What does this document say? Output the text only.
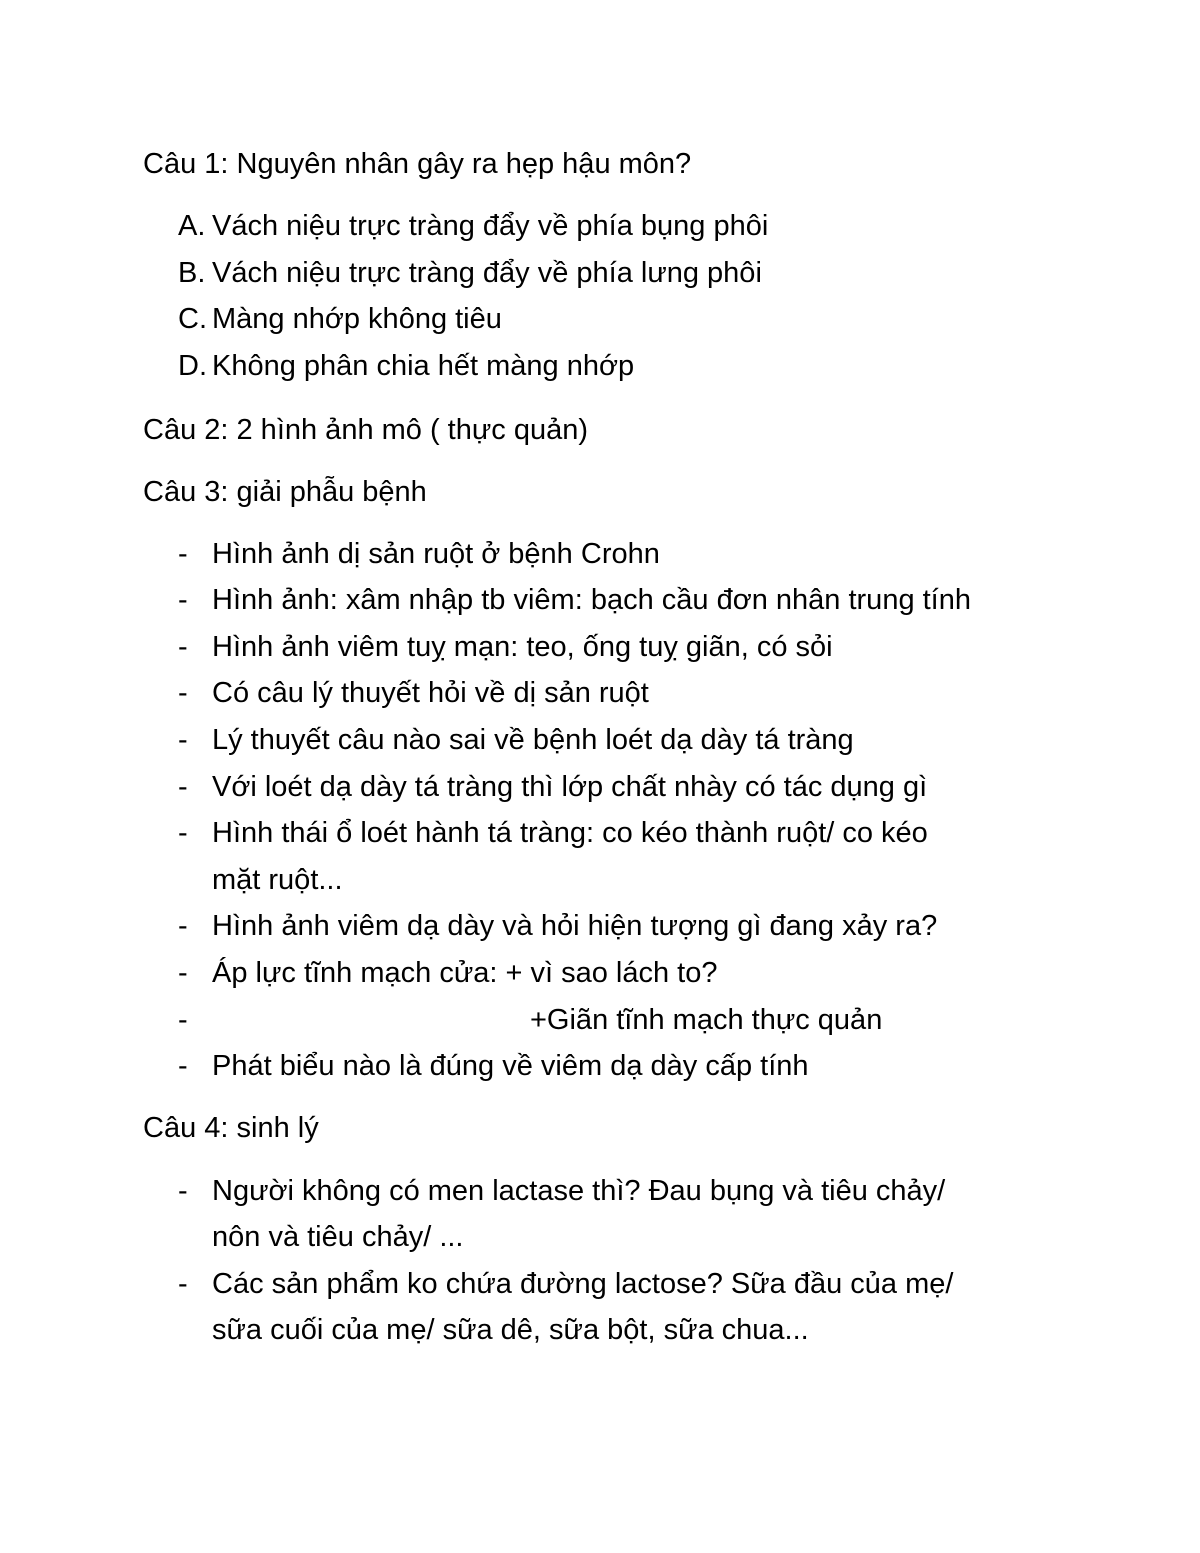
Câu 1: Nguyên nhân gây ra hẹp hậu môn?
A. Vách niệu trực tràng đẩy về phía bụng phôi
B. Vách niệu trực tràng đẩy về phía lưng phôi
C. Màng nhớp không tiêu
D. Không phân chia hết màng nhớp
Câu 2: 2 hình ảnh mô ( thực quản)
Câu 3: giải phẫu bệnh
- Hình ảnh dị sản ruột ở bệnh Crohn
- Hình ảnh: xâm nhập tb viêm: bạch cầu đơn nhân trung tính
- Hình ảnh viêm tuỵ mạn: teo, ống tuỵ giãn, có sỏi
- Có câu lý thuyết hỏi về dị sản ruột
- Lý thuyết câu nào sai về bệnh loét dạ dày tá tràng
- Với loét dạ dày tá tràng thì lớp chất nhày có tác dụng gì
- Hình thái ổ loét hành tá tràng: co kéo thành ruột/ co kéo
mặt ruột...
- Hình ảnh viêm dạ dày và hỏi hiện tượng gì đang xảy ra?
- Áp lực tĩnh mạch cửa: + vì sao lách to?
-	+Giãn tĩnh mạch thực quản
- Phát biểu nào là đúng về viêm dạ dày cấp tính
Câu 4: sinh lý
- Người không có men lactase thì? Đau bụng và tiêu chảy/
nôn và tiêu chảy/ ...
- Các sản phẩm ko chứa đường lactose? Sữa đầu của mẹ/
sữa cuối của mẹ/ sữa dê, sữa bột, sữa chua...
